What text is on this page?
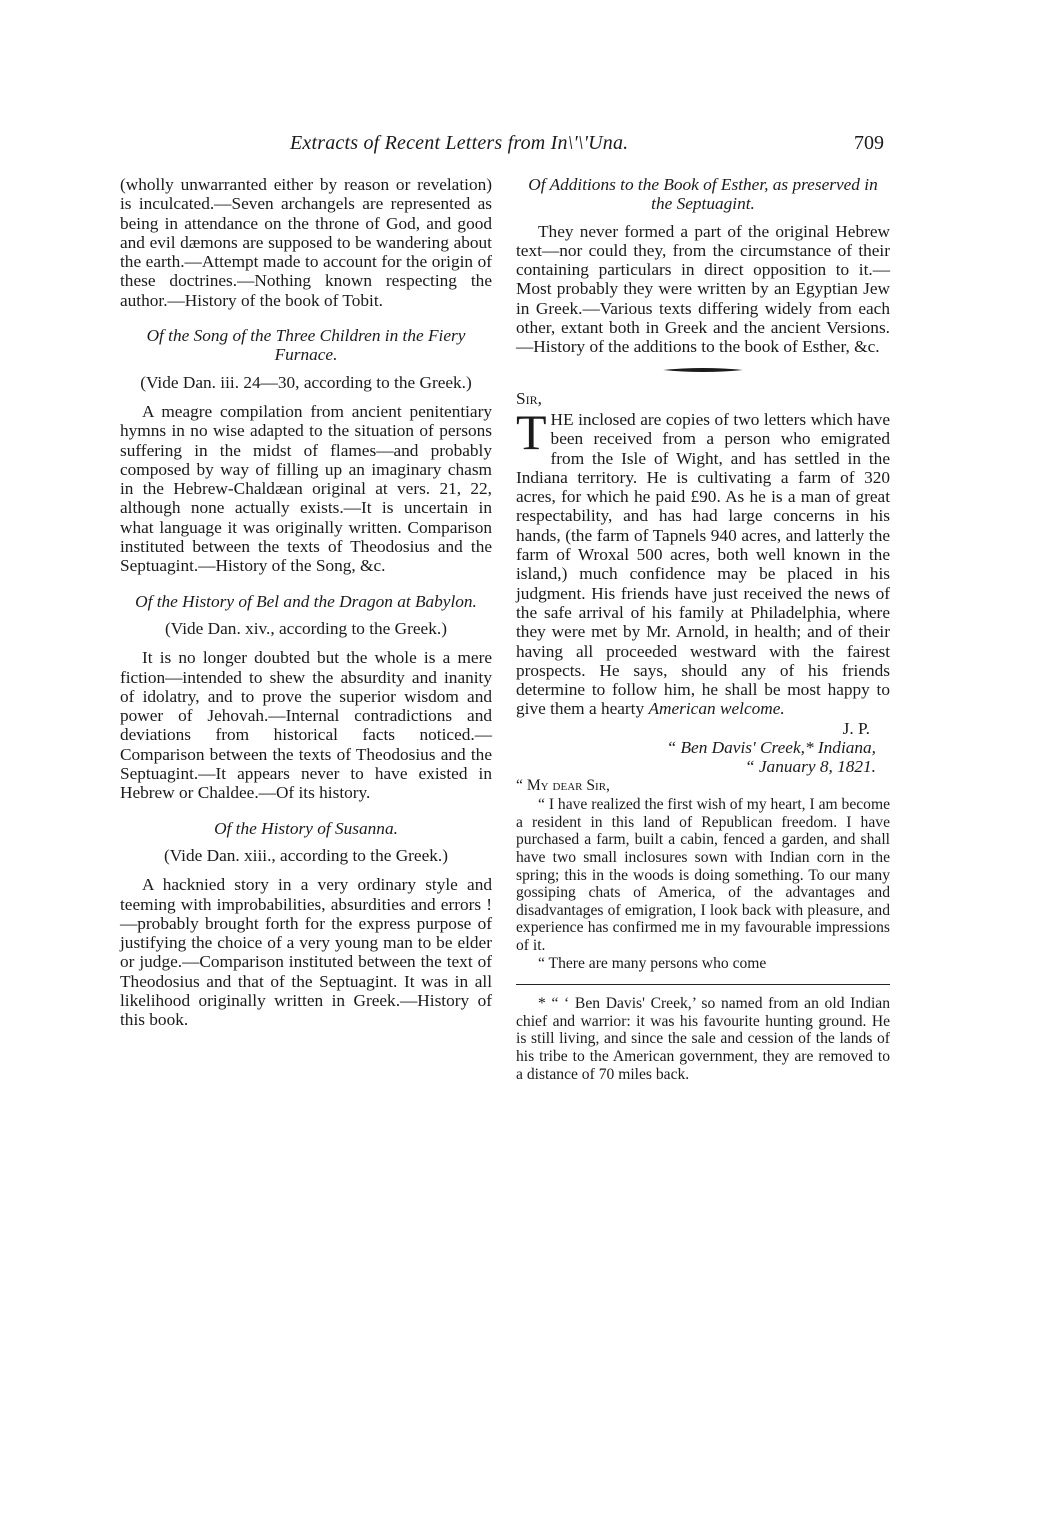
Extracts of Recent Letters from In\'\'Una.	709

(wholly unwarranted either by reason or revelation) is inculcated.—Seven archangels are represented as being in attendance on the throne of God, and good and evil dæmons are supposed to be wandering about the earth.—Attempt made to account for the origin of these doctrines.—Nothing known respecting the author.—History of the book of Tobit.

Of the Song of the Three Children in the Fiery Furnace.

(Vide Dan. iii. 24—30, according to the Greek.)

A meagre compilation from ancient penitentiary hymns in no wise adapted to the situation of persons suffering in the midst of flames—and probably composed by way of filling up an imaginary chasm in the Hebrew-Chaldæan original at vers. 21, 22, although none actually exists.—It is uncertain in what language it was originally written. Comparison instituted between the texts of Theodosius and the Septuagint.—History of the Song, &c.

Of the History of Bel and the Dragon at Babylon.

(Vide Dan. xiv., according to the Greek.)

It is no longer doubted but the whole is a mere fiction—intended to shew the absurdity and inanity of idolatry, and to prove the superior wisdom and power of Jehovah.—Internal contradictions and deviations from historical facts noticed.—Comparison between the texts of Theodosius and the Septuagint.—It appears never to have existed in Hebrew or Chaldee.—Of its history.

Of the History of Susanna.

(Vide Dan. xiii., according to the Greek.)

A hacknied story in a very ordinary style and teeming with improbabilities, absurdities and errors !—probably brought forth for the express purpose of justifying the choice of a very young man to be elder or judge.—Comparison instituted between the text of Theodosius and that of the Septuagint. It was in all likelihood originally written in Greek.—History of this book.

Of Additions to the Book of Esther, as preserved in the Septuagint.

They never formed a part of the original Hebrew text—nor could they, from the circumstance of their containing particulars in direct opposition to it.—Most probably they were written by an Egyptian Jew in Greek.—Various texts differing widely from each other, extant both in Greek and the ancient Versions.—History of the additions to the book of Esther, &c.

Sir,

THE inclosed are copies of two letters which have been received from a person who emigrated from the Isle of Wight, and has settled in the Indiana territory. He is cultivating a farm of 320 acres, for which he paid £90. As he is a man of great respectability, and has had large concerns in his hands, (the farm of Tapnels 940 acres, and latterly the farm of Wroxal 500 acres, both well known in the island,) much confidence may be placed in his judgment. His friends have just received the news of the safe arrival of his family at Philadelphia, where they were met by Mr. Arnold, in health; and of their having all proceeded westward with the fairest prospects. He says, should any of his friends determine to follow him, he shall be most happy to give them a hearty American welcome.

J. P.

“ Ben Davis' Creek,* Indiana,

“ January 8, 1821.

“ My dear Sir,

“ I have realized the first wish of my heart, I am become a resident in this land of Republican freedom. I have purchased a farm, built a cabin, fenced a garden, and shall have two small inclosures sown with Indian corn in the spring; this in the woods is doing something. To our many gossiping chats of America, of the advantages and disadvantages of emigration, I look back with pleasure, and experience has confirmed me in my favourable impressions of it.

“ There are many persons who come

* “ ‘ Ben Davis' Creek,’ so named from an old Indian chief and warrior: it was his favourite hunting ground. He is still living, and since the sale and cession of the lands of his tribe to the American government, they are removed to a distance of 70 miles back.
